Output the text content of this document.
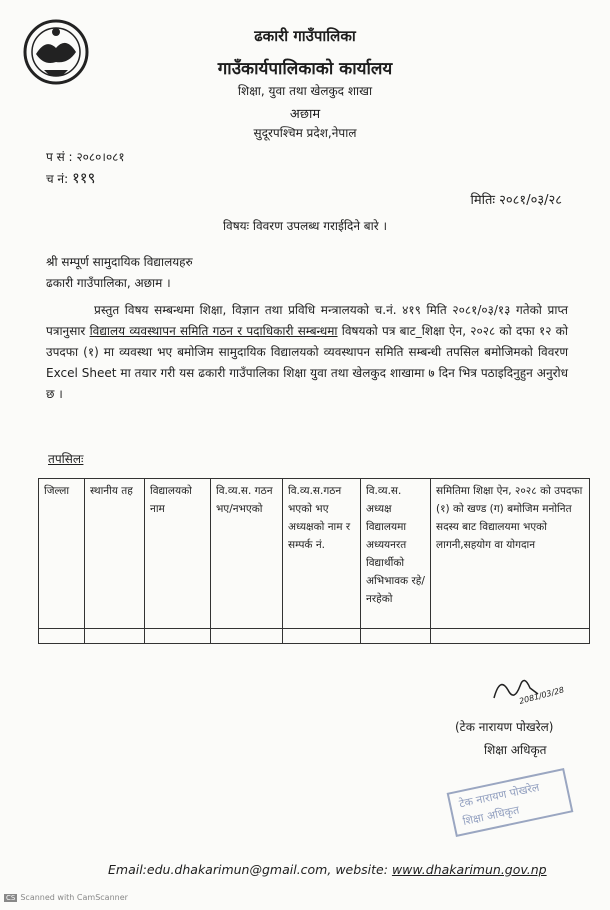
ढकारी गाउँपालिका
गाउँकार्यपालिकाको कार्यालय
शिक्षा, युवा तथा खेलकुद शाखा
अछाम
सुदूरपश्चिम प्रदेश,नेपाल
प सं : २०८०।०८१
च नं: ११९
मितिः २०८१/०३/२८
विषयः विवरण उपलब्ध गराईदिने बारे ।
श्री सम्पूर्ण सामुदायिक विद्यालयहरु
ढकारी गाउँपालिका, अछाम ।
प्रस्तुत विषय सम्बन्धमा शिक्षा, विज्ञान तथा प्रविधि मन्त्रालयको च.नं. ४१९ मिति २०८१/०३/१३ गतेको प्राप्त पत्रानुसार विद्यालय व्यवस्थापन समिति गठन र पदाधिकारी सम्बन्धमा विषयको पत्र बाट_शिक्षा ऐन, २०२८ को दफा १२ को उपदफा (१) मा व्यवस्था भए बमोजिम सामुदायिक विद्यालयको व्यवस्थापन समिति सम्बन्धी तपसिल बमोजिमको विवरण Excel Sheet मा तयार गरी यस ढकारी गाउँपालिका शिक्षा युवा तथा खेलकुद शाखामा ७ दिन भित्र पठाइदिनुहुन अनुरोध छ ।
तपसिलः
जिल्ला	स्थानीय तह	विद्यालयको नाम	वि.व्य.स. गठन भए/नभएको	वि.व्य.स.गठन भएको भए अध्यक्षको नाम र सम्पर्क नं.	वि.व्य.स. अध्यक्ष विद्यालयमा अध्ययनरत विद्यार्थीको अभिभावक रहे/नरहेको	समितिमा शिक्षा ऐन, २०२८ को उपदफा (१) को खण्ड (ग) बमोजिम मनोनित सदस्य बाट विद्यालयमा भएको लागनी,सहयोग वा योगदान

2081/03/28
(टेक नारायण पोखरेल)
शिक्षा अधिकृत
टेक नारायण पोखरेल
शिक्षा अधिकृत
Email:edu.dhakarimun@gmail.com, website: www.dhakarimun.gov.np
CS Scanned with CamScanner
